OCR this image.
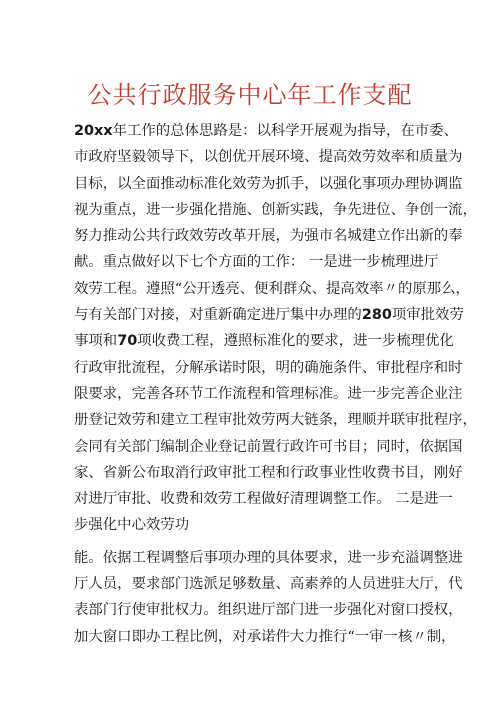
公共行政服务中心年工作支配
20xx年工作的总体思路是：以科学开展观为指导，在市委、
市政府坚毅领导下，以创优开展环境、提高效劳效率和质量为
目标，以全面推动标准化效劳为抓手，以强化事项办理协调监
视为重点，进一步强化措施、创新实践，争先进位、争创一流，
努力推动公共行政效劳改革开展，为强市名城建立作出新的奉
献。重点做好以下七个方面的工作： 一是进一步梳理进厅
效劳工程。遵照“公开透亮、便利群众、提高效率〃的原那么，
与有关部门对接，对重新确定进厅集中办理的280项审批效劳
事项和70项收费工程，遵照标准化的要求，进一步梳理优化
行政审批流程，分解承诺时限，明的确施条件、审批程序和时
限要求，完善各环节工作流程和管理标准。进一步完善企业注
册登记效劳和建立工程审批效劳两大链条，理顺并联审批程序，
会同有关部门编制企业登记前置行政许可书目；同时，依据国
家、省新公布取消行政审批工程和行政事业性收费书目，刚好
对进厅审批、收费和效劳工程做好清理调整工作。 二是进一
步强化中心效劳功
能。依据工程调整后事项办理的具体要求，进一步充溢调整进
厅人员，要求部门选派足够数量、高素养的人员进驻大厅，代
表部门行使审批权力。组织进厅部门进一步强化对窗口授权，
加大窗口即办工程比例，对承诺件大力推行“一审一核〃制，
